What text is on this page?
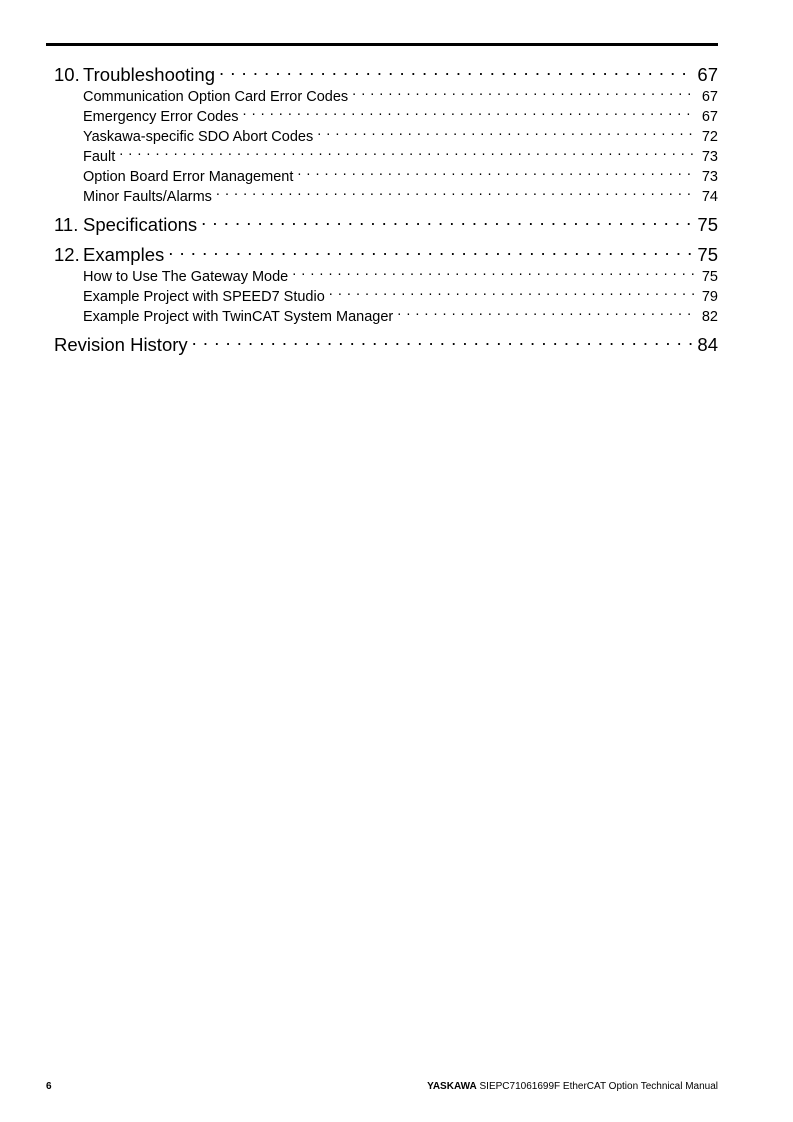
10. Troubleshooting . . .	67
Communication Option Card Error Codes . . .	67
Emergency Error Codes . . .	67
Yaskawa-specific SDO Abort Codes . . .	72
Fault . . .	73
Option Board Error Management . . .	73
Minor Faults/Alarms . . .	74
11. Specifications . . .	75
12. Examples . . .	75
How to Use The Gateway Mode . . .	75
Example Project with SPEED7 Studio . . .	79
Example Project with TwinCAT System Manager . . .	82
Revision History . . .	84
6	YASKAWA SIEPC71061699F EtherCAT Option Technical Manual
